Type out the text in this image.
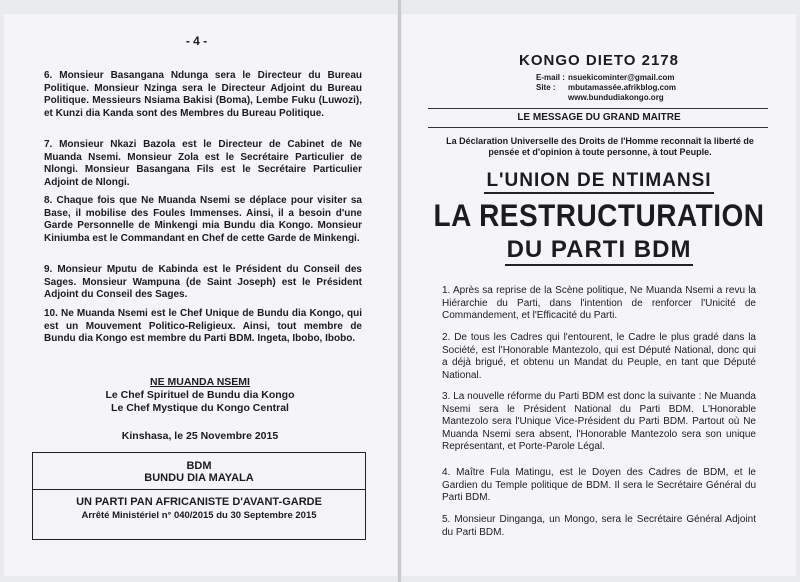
- 4 -
6. Monsieur Basangana Ndunga sera le Directeur du Bureau Politique. Monsieur Nzinga sera le Directeur Adjoint du Bureau Politique. Messieurs Nsiama Bakisi (Boma), Lembe Fuku (Luwozi), et Kunzi dia Kanda sont des Membres du Bureau Politique.
7. Monsieur Nkazi Bazola est le Directeur de Cabinet de Ne Muanda Nsemi. Monsieur Zola est le Secrétaire Particulier de Nlongi. Monsieur Basangana Fils est le Secrétaire Particulier Adjoint de Nlongi.
8. Chaque fois que Ne Muanda Nsemi se déplace pour visiter sa Base, il mobilise des Foules Immenses. Ainsi, il a besoin d'une Garde Personnelle de Minkengi mia Bundu dia Kongo. Monsieur Kiniumba est le Commandant en Chef de cette Garde de Minkengi.
9. Monsieur Mputu de Kabinda est le Président du Conseil des Sages. Monsieur Wampuna (de Saint Joseph) est le Président Adjoint du Conseil des Sages.
10. Ne Muanda Nsemi est le Chef Unique de Bundu dia Kongo, qui est un Mouvement Politico-Religieux. Ainsi, tout membre de Bundu dia Kongo est membre du Parti BDM. Ingeta, Ibobo, Ibobo.
NE MUANDA NSEMI
Le Chef Spirituel de Bundu dia Kongo
Le Chef Mystique du Kongo Central
Kinshasa, le 25 Novembre 2015
BDM
BUNDU DIA MAYALA
UN PARTI PAN AFRICANISTE D'AVANT-GARDE
Arrêté Ministériel n° 040/2015 du 30 Septembre 2015
KONGO DIETO 2178
E-mail : nsuekicominter@gmail.com
Site : mbutamassée.afrikblog.com
www.bundudiakongo.org
LE MESSAGE DU GRAND MAITRE
La Déclaration Universelle des Droits de l'Homme reconnaît la liberté de pensée et d'opinion à toute personne, à tout Peuple.
L'UNION DE NTIMANSI
LA RESTRUCTURATION
DU PARTI BDM
1. Après sa reprise de la Scène politique, Ne Muanda Nsemi a revu la Hiérarchie du Parti, dans l'intention de renforcer l'Unicité de Commandement, et l'Efficacité du Parti.
2. De tous les Cadres qui l'entourent, le Cadre le plus gradé dans la Société, est l'Honorable Mantezolo, qui est Député National, donc qui a déjà brigué, et obtenu un Mandat du Peuple, en tant que Député National.
3. La nouvelle réforme du Parti BDM est donc la suivante : Ne Muanda Nsemi sera le Président National du Parti BDM. L'Honorable Mantezolo sera l'Unique Vice-Président du Parti BDM. Partout où Ne Muanda Nsemi sera absent, l'Honorable Mantezolo sera son unique Représentant, et Porte-Parole Légal.
4. Maître Fula Matingu, est le Doyen des Cadres de BDM, et le Gardien du Temple politique de BDM. Il sera le Secrétaire Général du Parti BDM.
5. Monsieur Dinganga, un Mongo, sera le Secrétaire Général Adjoint du Parti BDM.
